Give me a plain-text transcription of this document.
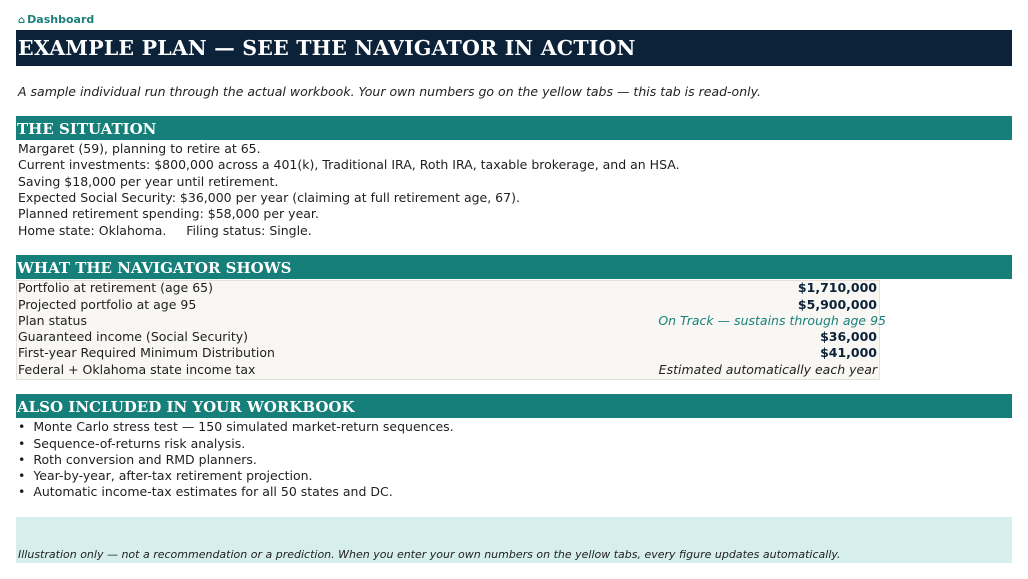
⌂ Dashboard
EXAMPLE PLAN — SEE THE NAVIGATOR IN ACTION
A sample individual run through the actual workbook. Your own numbers go on the yellow tabs — this tab is read-only.
THE SITUATION
Margaret (59), planning to retire at 65.
Current investments: $800,000 across a 401(k), Traditional IRA, Roth IRA, taxable brokerage, and an HSA.
Saving $18,000 per year until retirement.
Expected Social Security: $36,000 per year (claiming at full retirement age, 67).
Planned retirement spending: $58,000 per year.
Home state: Oklahoma.     Filing status: Single.
WHAT THE NAVIGATOR SHOWS
Portfolio at retirement (age 65)	$1,710,000
Projected portfolio at age 95	$5,900,000
Plan status	On Track — sustains through age 95
Guaranteed income (Social Security)	$36,000
First-year Required Minimum Distribution	$41,000
Federal + Oklahoma state income tax	Estimated automatically each year
ALSO INCLUDED IN YOUR WORKBOOK
•  Monte Carlo stress test — 150 simulated market-return sequences.
•  Sequence-of-returns risk analysis.
•  Roth conversion and RMD planners.
•  Year-by-year, after-tax retirement projection.
•  Automatic income-tax estimates for all 50 states and DC.
Illustration only — not a recommendation or a prediction. When you enter your own numbers on the yellow tabs, every figure updates automatically.
